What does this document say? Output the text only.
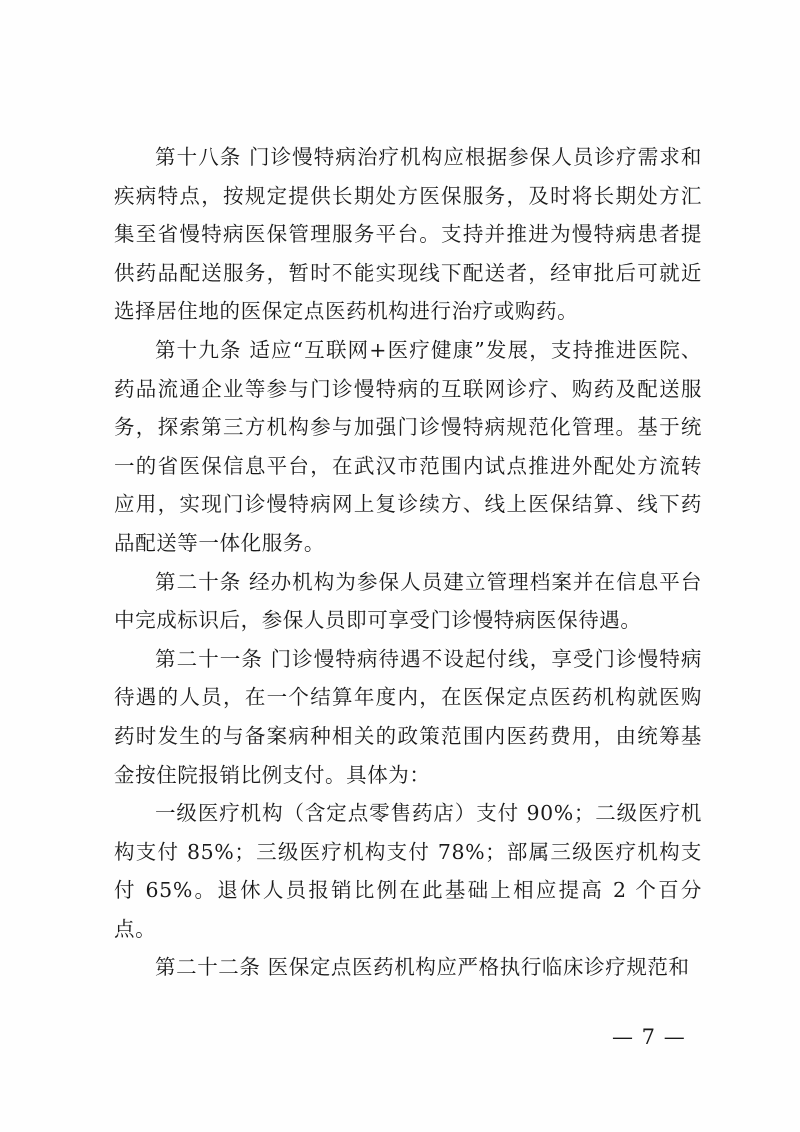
第十八条 门诊慢特病治疗机构应根据参保人员诊疗需求和疾病特点，按规定提供长期处方医保服务，及时将长期处方汇集至省慢特病医保管理服务平台。支持并推进为慢特病患者提供药品配送服务，暂时不能实现线下配送者，经审批后可就近选择居住地的医保定点医药机构进行治疗或购药。

第十九条 适应“互联网+医疗健康”发展，支持推进医院、药品流通企业等参与门诊慢特病的互联网诊疗、购药及配送服务，探索第三方机构参与加强门诊慢特病规范化管理。基于统一的省医保信息平台，在武汉市范围内试点推进外配处方流转应用，实现门诊慢特病网上复诊续方、线上医保结算、线下药品配送等一体化服务。

第二十条 经办机构为参保人员建立管理档案并在信息平台中完成标识后，参保人员即可享受门诊慢特病医保待遇。

第二十一条 门诊慢特病待遇不设起付线，享受门诊慢特病待遇的人员，在一个结算年度内，在医保定点医药机构就医购药时发生的与备案病种相关的政策范围内医药费用，由统筹基金按住院报销比例支付。具体为：

一级医疗机构（含定点零售药店）支付 90%；二级医疗机构支付 85%；三级医疗机构支付 78%；部属三级医疗机构支付 65%。退休人员报销比例在此基础上相应提高 2 个百分点。

第二十二条 医保定点医药机构应严格执行临床诊疗规范和

— 7 —
